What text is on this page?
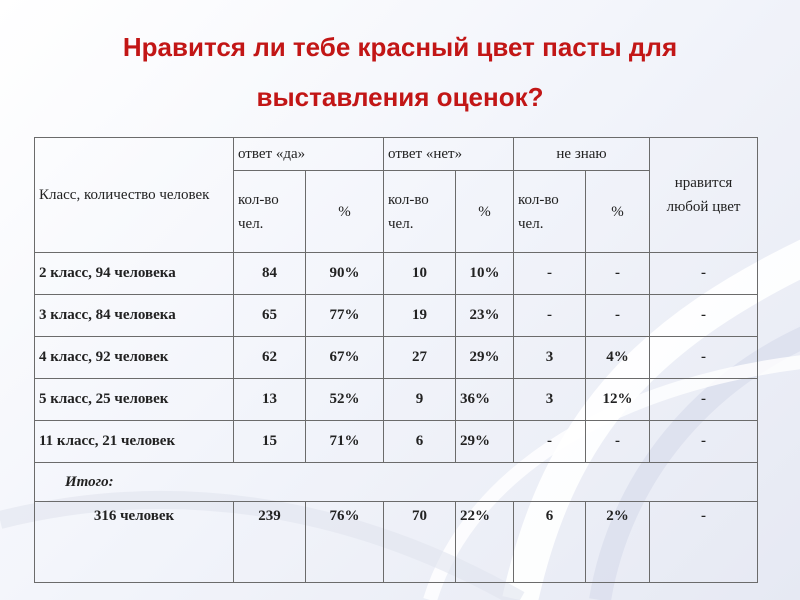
Нравится ли тебе красный цвет пасты для
выставления оценок?
Класс, количество человек	ответ «да»		ответ «нет»		не знаю		нравится любой цвет
	кол-во чел.	%	кол-во чел.	%	кол-во чел.	%	
2 класс, 94 человека	84	90%	10	10%	-	-	-
3 класс, 84 человека	65	77%	19	23%	-	-	-
4 класс, 92 человек	62	67%	27	29%	3	4%	-
5 класс, 25 человек	13	52%	9	36%	3	12%	-
11 класс, 21 человек	15	71%	6	29%	-	-	-
Итого:							
316 человек	239	76%	70	22%	6	2%	-
